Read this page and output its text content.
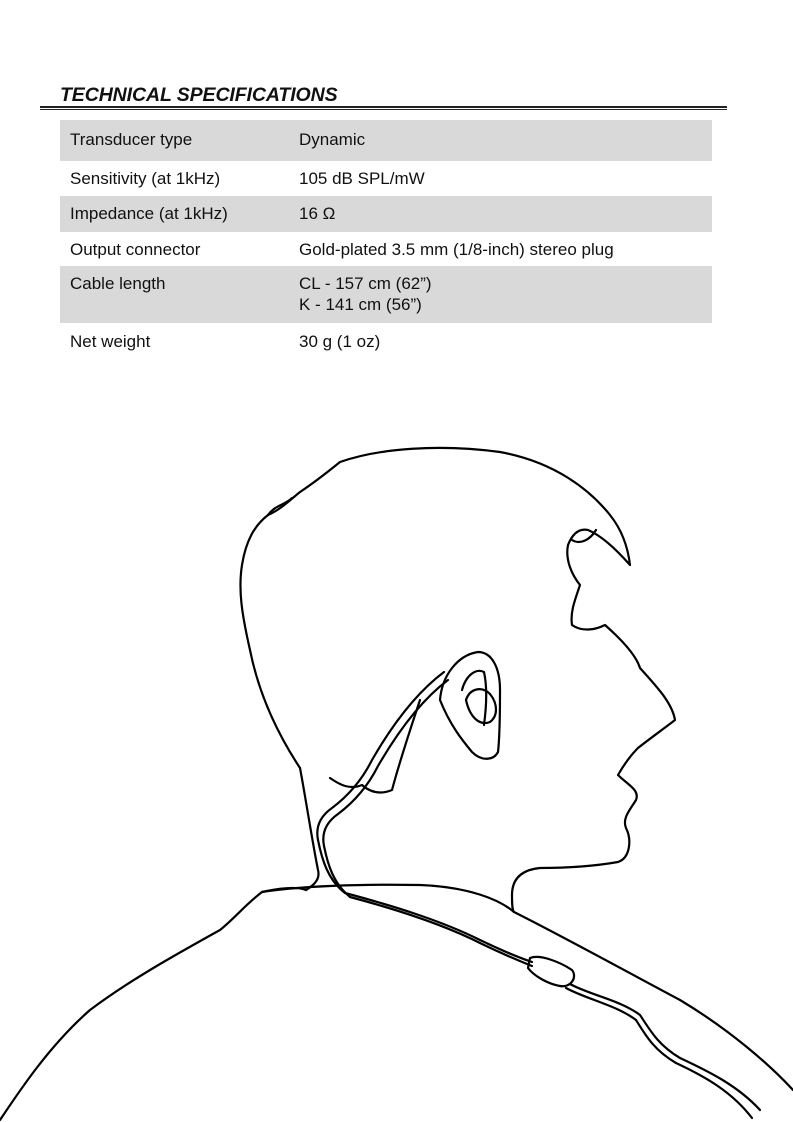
TECHNICAL SPECIFICATIONS
Transducer type	Dynamic
Sensitivity (at 1kHz)	105 dB SPL/mW
Impedance (at 1kHz)	16 Ω
Output connector	Gold-plated 3.5 mm (1/8-inch) stereo plug
Cable length	CL - 157 cm (62”)
K - 141 cm (56”)

Net weight	30 g (1 oz)
